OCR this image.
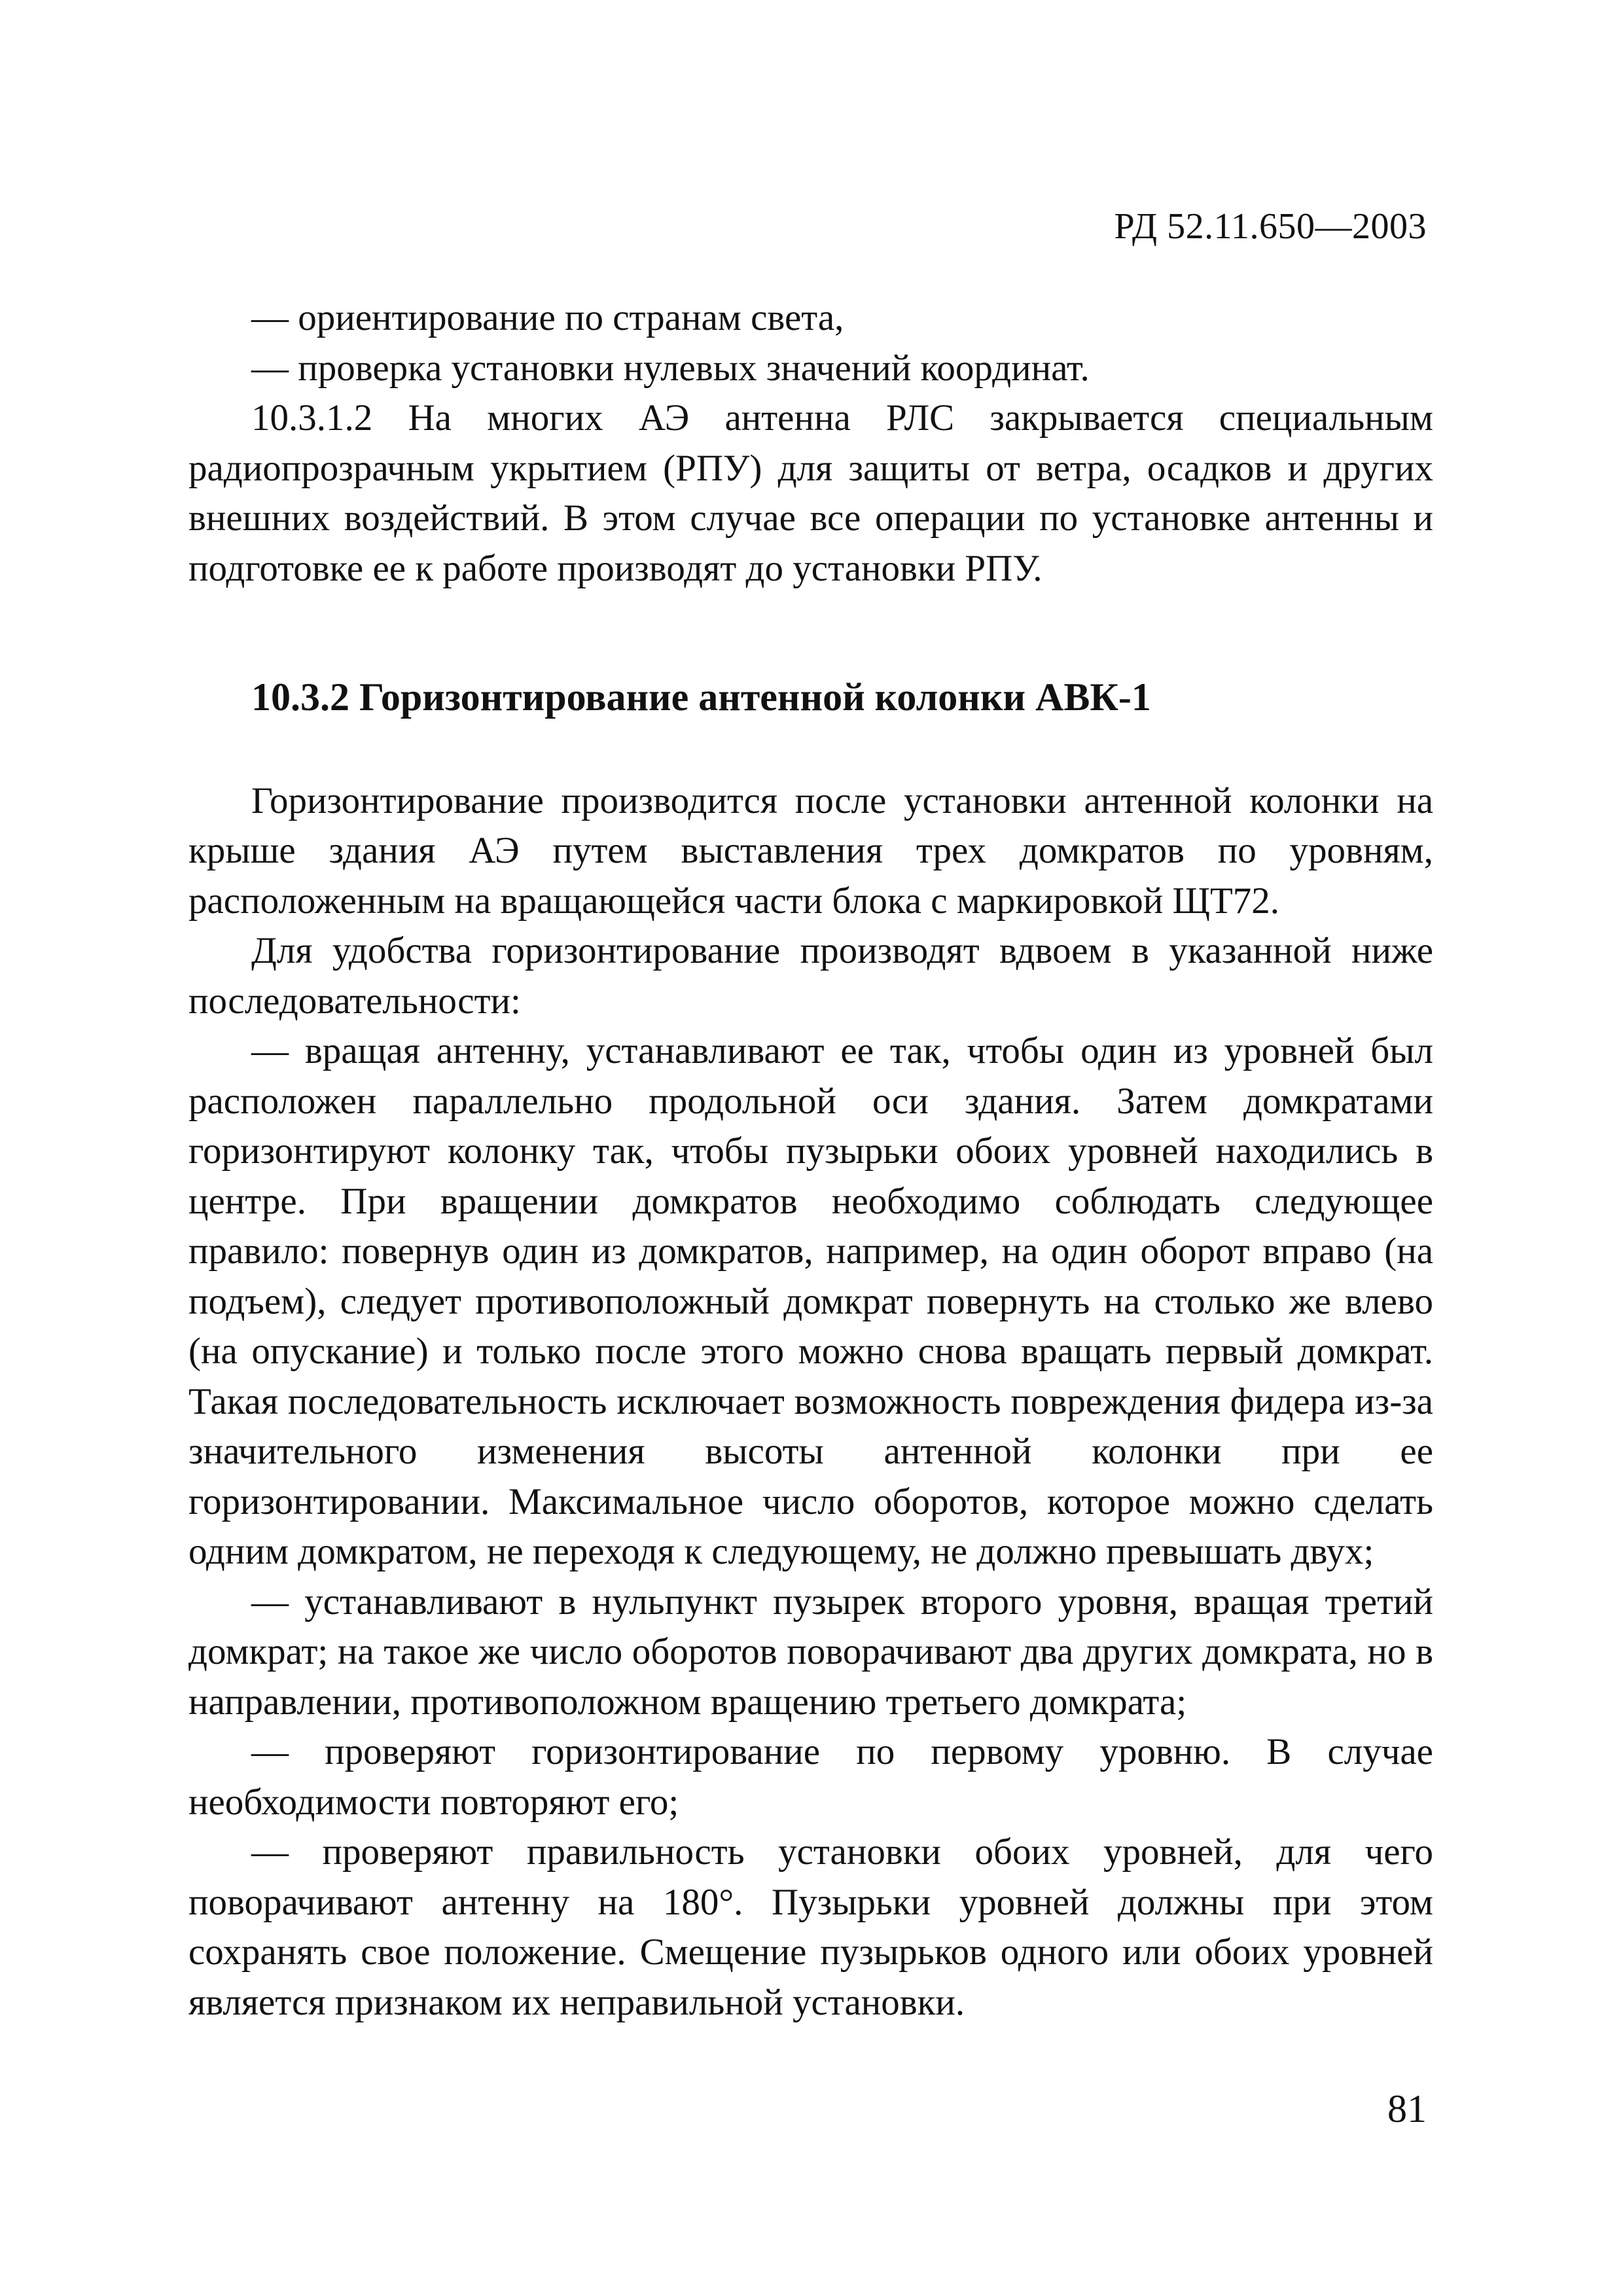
РД 52.11.650—2003

— ориентирование по странам света,

— проверка установки нулевых значений координат.

10.3.1.2 На многих АЭ антенна РЛС закрывается специальным радиопрозрачным укрытием (РПУ) для защиты от ветра, осадков и других внешних воздействий. В этом случае все операции по установке антенны и подготовке ее к работе производят до установки РПУ.

10.3.2 Горизонтирование антенной колонки АВК-1

Горизонтирование производится после установки антенной колонки на крыше здания АЭ путем выставления трех домкратов по уровням, расположенным на вращающейся части блока с маркировкой ЩТ72.

Для удобства горизонтирование производят вдвоем в указанной ниже последовательности:

— вращая антенну, устанавливают ее так, чтобы один из уровней был расположен параллельно продольной оси здания. Затем домкратами горизонтируют колонку так, чтобы пузырьки обоих уровней находились в центре. При вращении домкратов необходимо соблюдать следующее правило: повернув один из домкратов, например, на один оборот вправо (на подъем), следует противоположный домкрат повернуть на столько же влево (на опускание) и только после этого можно снова вращать первый домкрат. Такая последовательность исключает возможность повреждения фидера из-за значительного изменения высоты антенной колонки при ее горизонтировании. Максимальное число оборотов, которое можно сделать одним домкратом, не переходя к следующему, не должно превышать двух;

— устанавливают в нульпункт пузырек второго уровня, вращая третий домкрат; на такое же число оборотов поворачивают два других домкрата, но в направлении, противоположном вращению третьего домкрата;

— проверяют горизонтирование по первому уровню. В случае необходимости повторяют его;

— проверяют правильность установки обоих уровней, для чего поворачивают антенну на 180°. Пузырьки уровней должны при этом сохранять свое положение. Смещение пузырьков одного или обоих уровней является признаком их неправильной установки.

81
